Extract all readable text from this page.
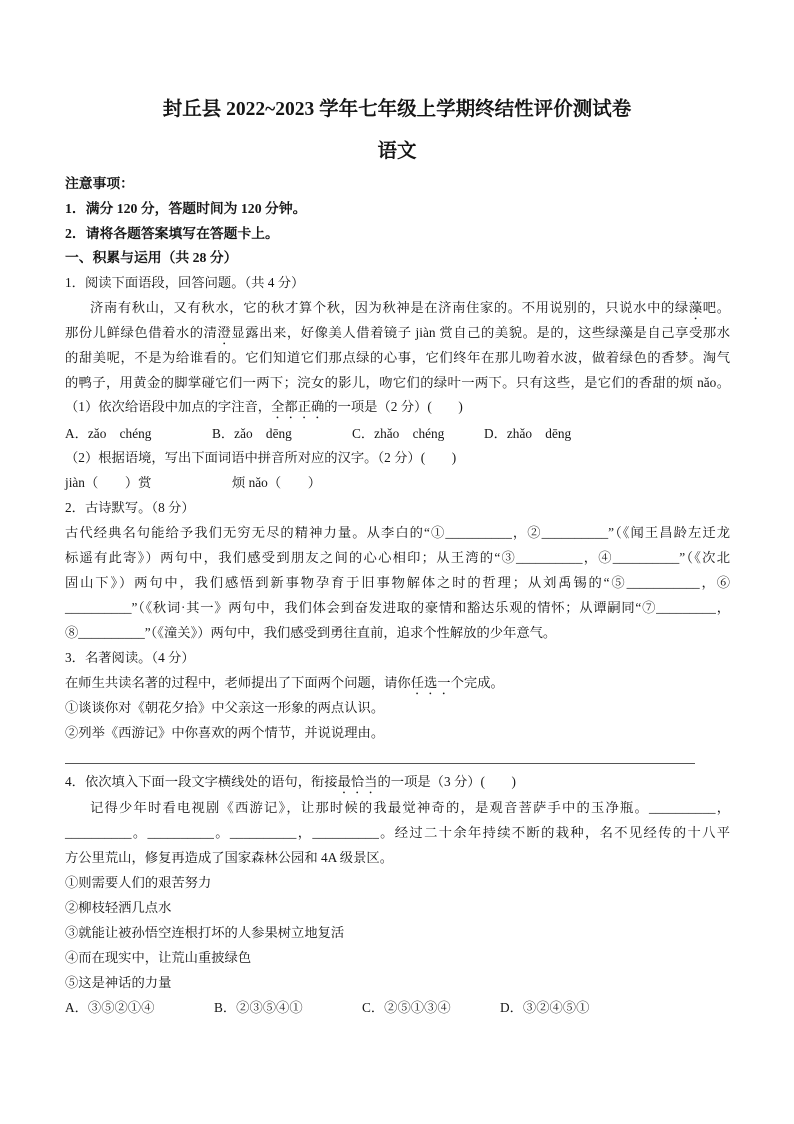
封丘县 2022~2023 学年七年级上学期终结性评价测试卷
语文
注意事项：
1．满分 120 分，答题时间为 120 分钟。
2．请将各题答案填写在答题卡上。
一、积累与运用（共 28 分）
1．阅读下面语段，回答问题。（共 4 分）
济南有秋山，又有秋水，它的秋才算个秋，因为秋神是在济南住家的。不用说别的，只说水中的绿藻吧。
那份儿鲜绿色借着水的清澄显露出来，好像美人借着镜子 jiàn 赏自己的美貌。是的，这些绿藻是自己享受那水
的甜美呢，不是为给谁看的。它们知道它们那点绿的心事，它们终年在那儿吻着水波，做着绿色的香梦。淘气
的鸭子，用黄金的脚掌碰它们一两下；浣女的影儿，吻它们的绿叶一两下。只有这些，是它们的香甜的烦 nǎo。
（1）依次给语段中加点的字注音，全都正确的一项是（2 分）(　　)
A．zǎo　chéng	B．zǎo　dēng	C．zhǎo　chéng	D．zhǎo　dēng
（2）根据语境，写出下面词语中拼音所对应的汉字。（2 分）(　　)
jiàn（　　）赏	烦 nǎo（　　）
2．古诗默写。（8 分）
古代经典名句能给予我们无穷无尽的精神力量。从李白的“①__________，②__________”（《闻王昌龄左迁龙
标遥有此寄》）两句中，我们感受到朋友之间的心心相印；从王湾的“③__________，④__________”（《次北
固山下》）两句中，我们感悟到新事物孕育于旧事物解体之时的哲理；从刘禹锡的“⑤___________，⑥
__________”（《秋词·其一》两句中，我们体会到奋发进取的豪情和豁达乐观的情怀；从谭嗣同“⑦_________，
⑧__________”（《潼关》）两句中，我们感受到勇往直前，追求个性解放的少年意气。
3．名著阅读。（4 分）
在师生共读名著的过程中，老师提出了下面两个问题，请你任选一个完成。
①谈谈你对《朝花夕拾》中父亲这一形象的两点认识。
②列举《西游记》中你喜欢的两个情节，并说说理由。
4．依次填入下面一段文字横线处的语句，衔接最恰当的一项是（3 分）(　　)
记得少年时看电视剧《西游记》，让那时候的我最觉神奇的，是观音菩萨手中的玉净瓶。__________，
__________。__________。__________，__________。经过二十余年持续不断的栽种，名不见经传的十八平
方公里荒山，修复再造成了国家森林公园和 4A 级景区。
①则需要人们的艰苦努力
②柳枝轻洒几点水
③就能让被孙悟空连根打坏的人参果树立地复活
④而在现实中，让荒山重披绿色
⑤这是神话的力量
A．③⑤②①④	B．②③⑤④①	C．②⑤①③④	D．③②④⑤①
